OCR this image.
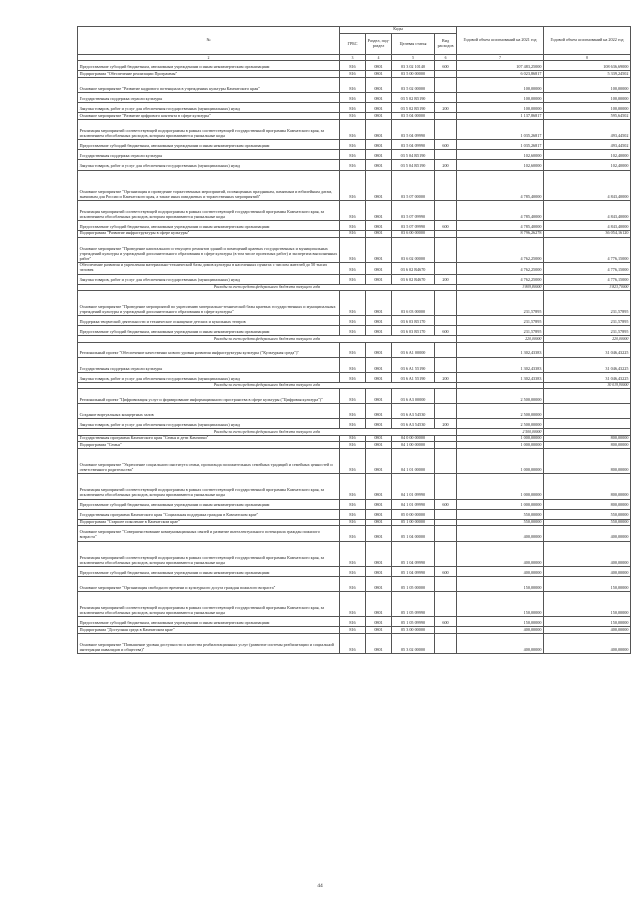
№	Коды				Годовой объем ассигнований на 2021 год	Годовой объем ассигнований на 2022 год
	ГРБС	Раздел, под-раздел	Целевая статья	Вид расходов		
2	3	4	5	6	7	8
Предоставление субсидий бюджетным, автономным учреждениям и иным некоммерческим организациям	816	0801	03 3 02 10140	600	107 483,25000	108 636,69000
Подпрограмма "Обеспечение реализации Программы"	816	0801	03 5 00 00000		6 023,86817	5 339,24502
Основное мероприятие "Развитие кадрового потенциала в учреждениях культуры Камчатского края"	816	0801	03 5 02 00000		100,00000	100,00000
Государственная поддержка отрасли культуры	816	0801	03 5 02 R5190		100,00000	100,00000
Закупка товаров, работ и услуг для обеспечения государственных (муниципальных) нужд	816	0801	03 5 02 R5190	200	100,00000	100,00000
Основное мероприятие "Развитие цифрового контента в сфере культуры"	816	0801	03 5 04 00000		1 137,86817	595,64502
Реализация мероприятий соответствующей подпрограммы в рамках соответствующей государственной программы Камчатского края, за исключением обособленных расходов, которым присваиваются уникальные коды	816	0801	03 5 04 09990		1 035,26817	493,44502
Предоставление субсидий бюджетным, автономным учреждениям и иным некоммерческим организациям	816	0801	03 5 04 09990	600	1 035,26817	493,44502
Государственная поддержка отрасли культуры	816	0801	03 5 04 R5190		102,60000	102,40000
Закупка товаров, работ и услуг для обеспечения государственных (муниципальных) нужд	816	0801	03 5 04 R5190	200	102,60000	102,40000
Основное мероприятие "Организация и проведение торжественных мероприятий, посвященных праздникам, памятным и юбилейным датам, значимым для России и Камчатского края, а также иных имиджевых и торжественных мероприятий"	816	0801	03 5 07 00000		4 785,40000	4 843,40000
Реализация мероприятий соответствующей подпрограммы в рамках соответствующей государственной программы Камчатского края, за исключением обособленных расходов, которым присваиваются уникальные коды	816	0801	03 5 07 09990		4 785,40000	4 843,40000
Предоставление субсидий бюджетным, автономным учреждениям и иным некоммерческим организациям	816	0801	03 5 07 09990	600	4 785,40000	4 843,40000
Подпрограмма "Развитие инфраструктуры в сфере культуры"	816	0801	03 6 00 00000		8 796,26278	36 054,16120
Основное мероприятие "Проведение капитального и текущего ремонтов зданий и помещений краевых государственных и муниципальных учреждений культуры и учреждений дополнительного образования в сфере культуры (в том числе проектных работ) и экспертиза выполненных работ"	816	0801	03 6 02 00000		4 762,25000	4 776,15000
Обеспечение развития и укрепления материально-технической базы домов культуры в населенных пунктах с числом жителей до 50 тысяч человек	816	0801	03 6 02 R4670		4 762,25000	4 776,15000
Закупка товаров, работ и услуг для обеспечения государственных (муниципальных) нужд	816	0801	03 6 02 R4670	200	4 762,25000	4 776,15000
Расходы за счет средств федерального бюджета текущего года					3 809,80000	3 823,70000
Основное мероприятие "Проведение мероприятий по укреплению материально-технической базы краевых государственных и муниципальных учреждений культуры и учреждений дополнительного образования в сфере культуры"	816	0801	03 6 03 00000		231,57895	231,57895
Поддержка творческой деятельности и техническое оснащение детских и кукольных театров	816	0801	03 6 03 R5170		231,57895	231,57895
Предоставление субсидий бюджетным, автономным учреждениям и иным некоммерческим организациям	816	0801	03 6 03 R5170	600	231,57895	231,57895
Расходы за счет средств федерального бюджета текущего года					220,00000	220,00000
Региональный проект "Обеспечение качественно нового уровня развития инфраструктуры культуры ("Культурная среда")"	816	0801	03 6 A1 00000		1 302,43383	31 046,43225
Государственная поддержка отрасли культуры	816	0801	03 6 A1 55190		1 302,43383	31 046,43225
Закупка товаров, работ и услуг для обеспечения государственных (муниципальных) нужд	816	0801	03 6 A1 55190	200	1 302,43383	31 046,43225
Расходы за счет средств федерального бюджета текущего года						30 019,90000
Региональный проект "Цифровизация услуг и формирование информационного пространства в сфере культуры ("Цифровая культура")"	816	0801	03 6 A3 00000		2 500,00000	
Создание виртуальных концертных залов	816	0801	03 6 A3 54530		2 500,00000	
Закупка товаров, работ и услуг для обеспечения государственных (муниципальных) нужд	816	0801	03 6 A3 54530	200	2 500,00000	
Расходы за счет средств федерального бюджета текущего года					2 500,00000	
Государственная программа Камчатского края "Семья и дети Камчатки"	816	0801	04 0 00 00000		1 000,00000	800,00000
Подпрограмма "Семья"	816	0801	04 1 00 00000		1 000,00000	800,00000
Основное мероприятие "Укрепление социального института семьи, пропаганда положительных семейных традиций и семейных ценностей и ответственного родительства"	816	0801	04 1 01 00000		1 000,00000	800,00000
Реализация мероприятий соответствующей подпрограммы в рамках соответствующей государственной программы Камчатского края, за исключением обособленных расходов, которым присваиваются уникальные коды	816	0801	04 1 01 09990		1 000,00000	800,00000
Предоставление субсидий бюджетным, автономным учреждениям и иным некоммерческим организациям	816	0801	04 1 01 09990	600	1 000,00000	800,00000
Государственная программа Камчатского края "Социальная поддержка граждан в Камчатском крае"	816	0801	05 0 00 00000		550,00000	550,00000
Подпрограмма "Старшее поколение в Камчатском крае"	816	0801	05 1 00 00000		550,00000	550,00000
Основное мероприятие "Совершенствование коммуникационных связей и развитие интеллектуального потенциала граждан пожилого возраста"	816	0801	05 1 04 00000		400,00000	400,00000
Реализация мероприятий соответствующей подпрограммы в рамках соответствующей государственной программы Камчатского края, за исключением обособленных расходов, которым присваиваются уникальные коды	816	0801	05 1 04 09990		400,00000	400,00000
Предоставление субсидий бюджетным, автономным учреждениям и иным некоммерческим организациям	816	0801	05 1 04 09990	600	400,00000	400,00000
Основное мероприятие "Организация свободного времени и культурного досуга граждан пожилого возраста"	816	0801	05 1 05 00000		150,00000	150,00000
Реализация мероприятий соответствующей подпрограммы в рамках соответствующей государственной программы Камчатского края, за исключением обособленных расходов, которым присваиваются уникальные коды	816	0801	05 1 05 09990		150,00000	150,00000
Предоставление субсидий бюджетным, автономным учреждениям и иным некоммерческим организациям	816	0801	05 1 05 09990	600	150,00000	150,00000
Подпрограмма "Доступная среда в Камчатском крае"	816	0801	05 3 00 00000		400,00000	400,00000
Основное мероприятие "Повышение уровня доступности и качества реабилитационных услуг (развитие системы реабилитации и социальной интеграции инвалидов и общества)"	816	0801	05 3 02 00000		400,00000	400,00000
44
